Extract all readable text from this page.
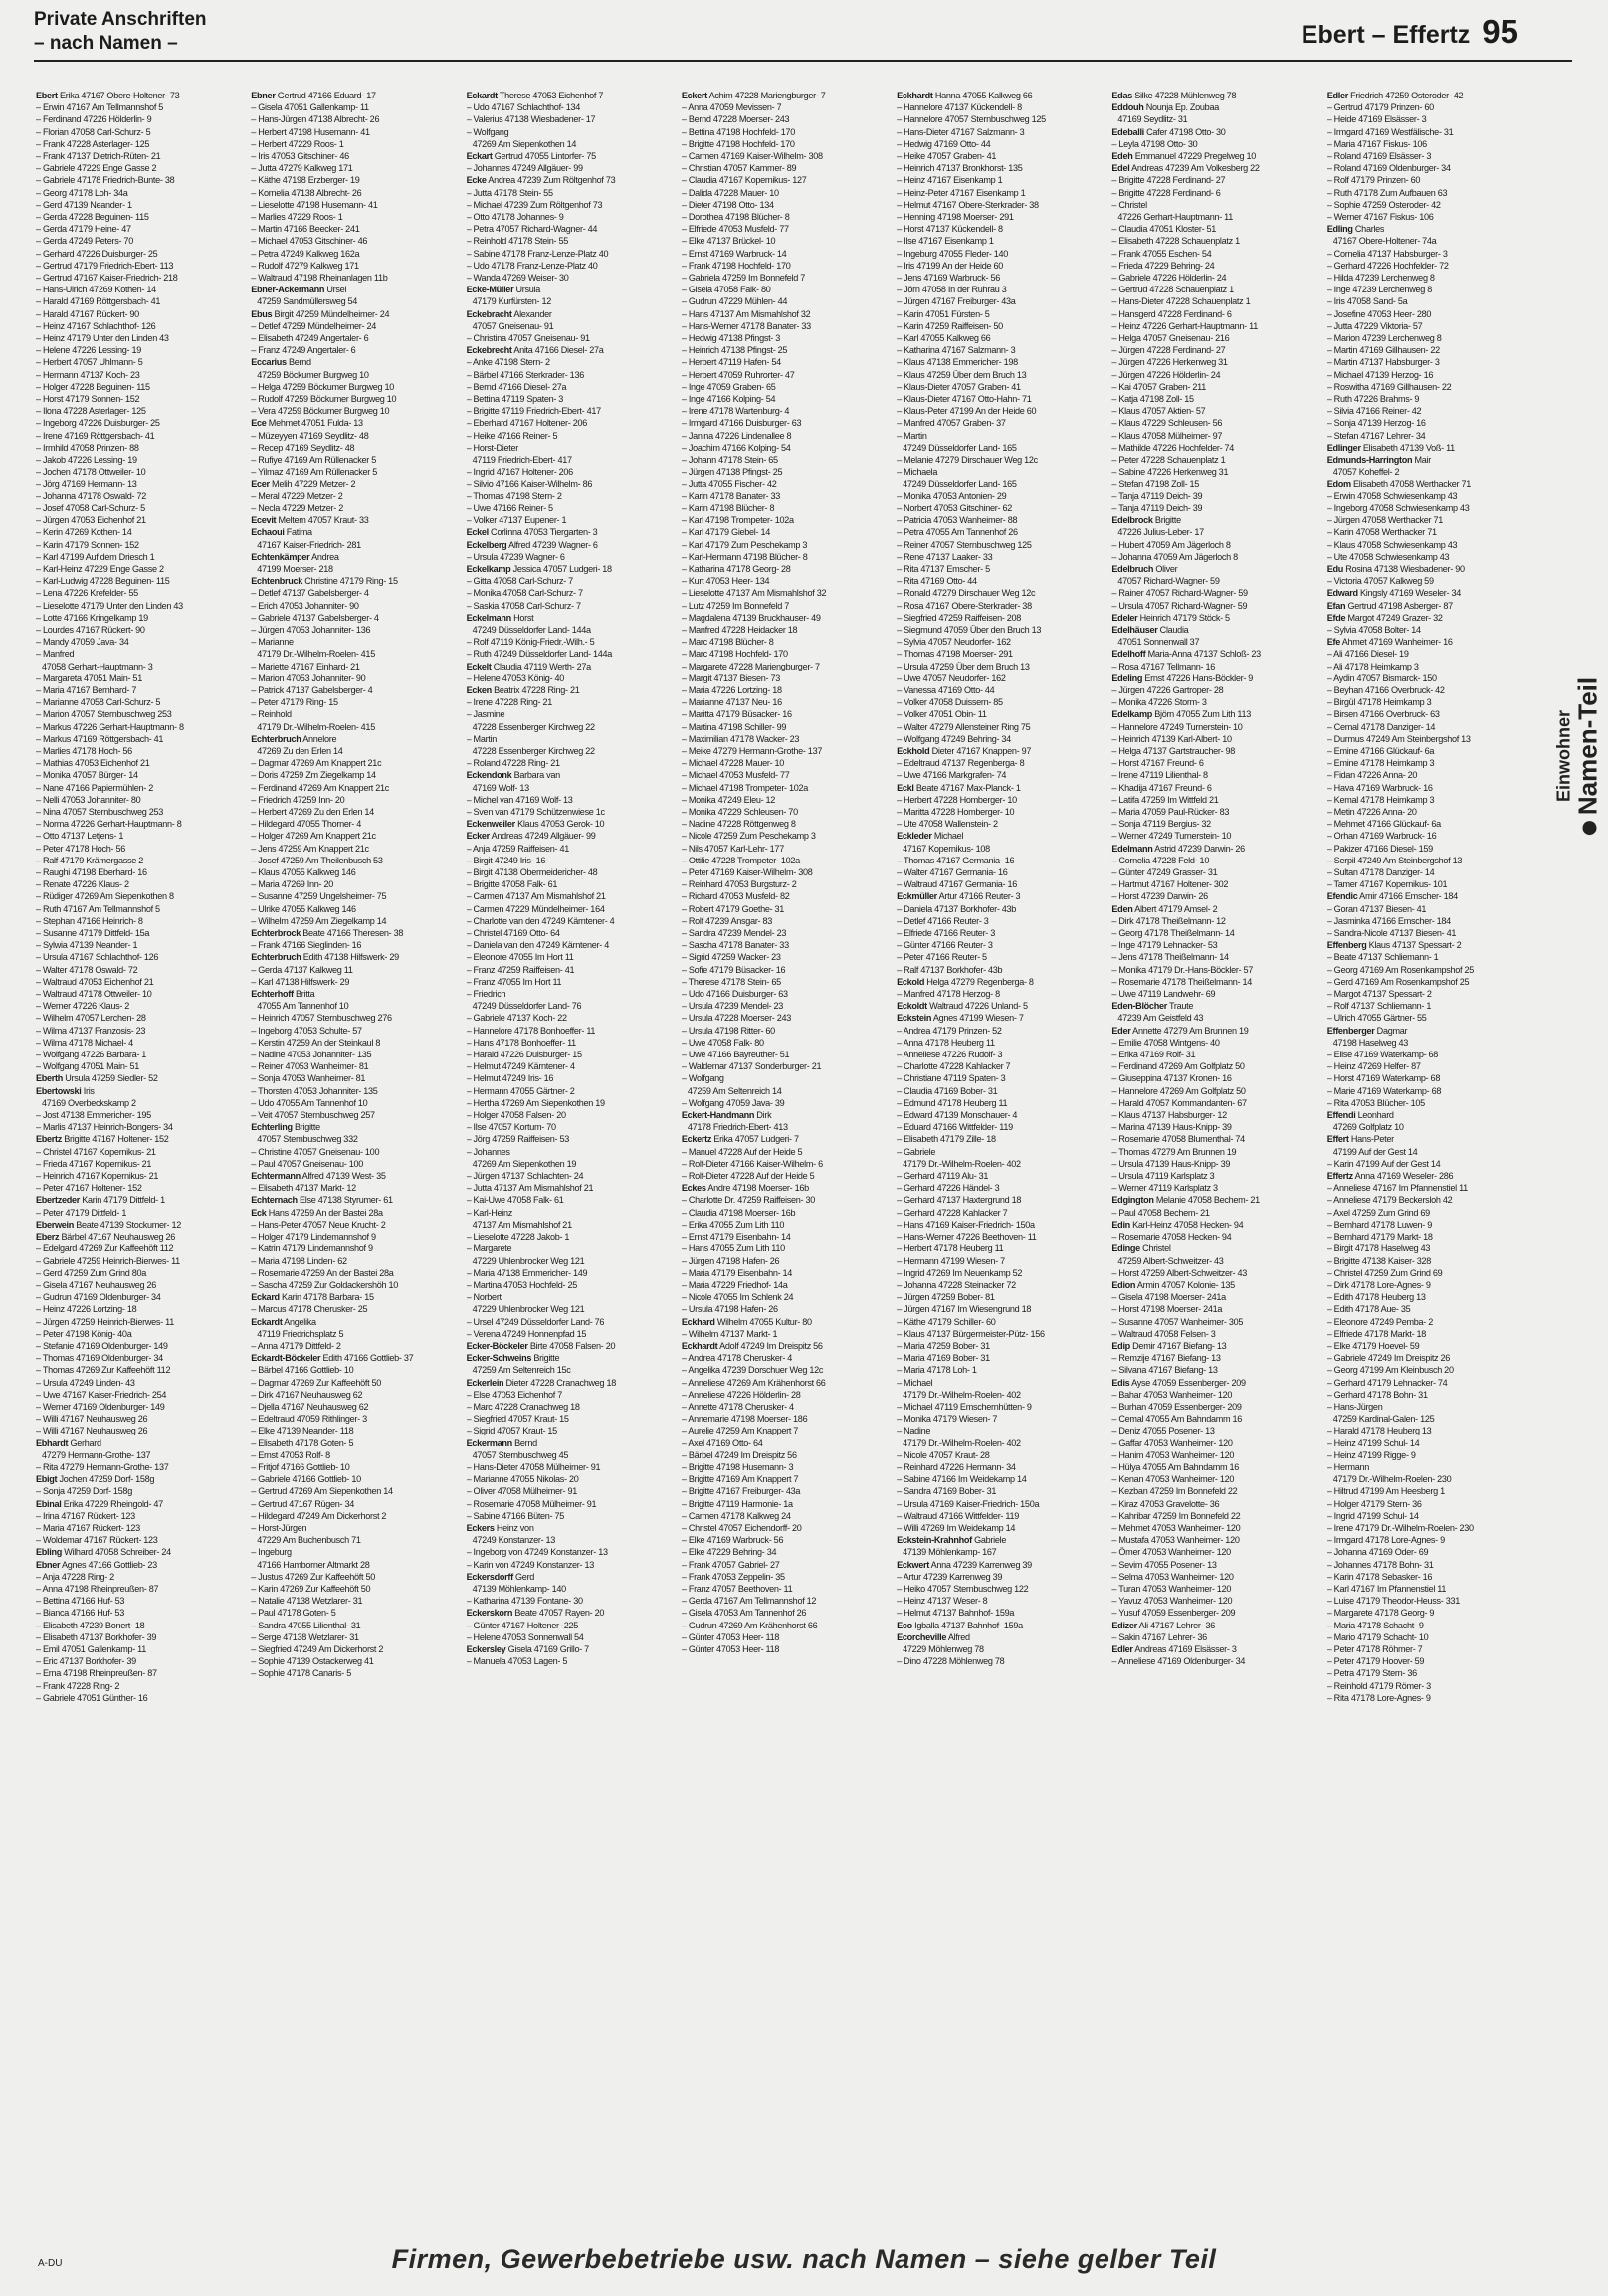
Private Anschriften
– nach Namen –	Ebert – Effertz 95
Ebert Erika 47167 Obere-Holtener- 73
– Erwin 47167 Am Tellmannshof 5
– Ferdinand 47226 Hölderlin- 9
– Florian 47058 Carl-Schurz- 5
– Frank 47228 Asterlager- 125
– Frank 47137 Dietrich-Rüten- 21
– Gabriele 47229 Enge Gasse 2
– Gabriele 47178 Friedrich-Bunte- 38
– Georg 47178 Loh- 34a
– Gerd 47139 Neander- 1
– Gerda 47228 Beguinen- 115
– Gerda 47179 Heine- 47
– Gerda 47249 Peters- 70
– Gerhard 47226 Duisburger- 25
– Gertrud 47179 Friedrich-Ebert- 113
– Gertrud 47167 Kaiser-Friedrich- 218
– Hans-Ulrich 47269 Kothen- 14
– Harald 47169 Röttgersbach- 41
– Harald 47167 Rückert- 90
– Heinz 47167 Schlachthof- 126
– Heinz 47179 Unter den Linden 43
– Helene 47226 Lessing- 19
– Herbert 47057 Uhlmann- 5
– Hermann 47137 Koch- 23
– Holger 47228 Beguinen- 115
– Horst 47179 Sonnen- 152
– Ilona 47228 Asterlager- 125
– Ingeborg 47226 Duisburger- 25
– Irene 47169 Röttgersbach- 41
– Irmhild 47058 Prinzen- 88
– Jakob 47226 Lessing- 19
– Jochen 47178 Ottweiler- 10
– Jörg 47169 Hermann- 13
– Johanna 47178 Oswald- 72
– Josef 47058 Carl-Schurz- 5
– Jürgen 47053 Eichenhof 21
– Kerin 47269 Kothen- 14
– Karin 47179 Sonnen- 152
– Karl 47199 Auf dem Driesch 1
– Karl-Heinz 47229 Enge Gasse 2
– Karl-Ludwig 47228 Beguinen- 115
– Lena 47226 Krefelder- 55
– Lieselotte 47179 Unter den Linden 43
– Lotte 47166 Kringelkamp 19
– Lourdes 47167 Rückert- 90
– Mandy 47059 Java- 34
– Manfred
47058 Gerhart-Hauptmann- 3
– Margareta 47051 Main- 51
– Maria 47167 Bernhard- 7
– Marianne 47058 Carl-Schurz- 5
– Marion 47057 Sternbuschweg 253
– Markus 47226 Gerhart-Hauptmann- 8
– Markus 47169 Röttgersbach- 41
– Marlies 47178 Hoch- 56
– Mathias 47053 Eichenhof 21
– Monika 47057 Bürger- 14
– Nane 47166 Papiermühlen- 2
– Nelli 47053 Johanniter- 80
– Nina 47057 Sternbuschweg 253
– Norma 47226 Gerhart-Hauptmann- 8
– Otto 47137 Letjens- 1
– Peter 47178 Hoch- 56
– Ralf 47179 Krämergasse 2
– Raughi 47198 Eberhard- 16
– Renate 47226 Klaus- 2
– Rüdiger 47269 Am Siepenkothen 8
– Ruth 47167 Am Tellmannshof 5
– Stephan 47166 Heinrich- 8
– Susanne 47179 Dittfeld- 15a
– Sylwia 47139 Neander- 1
– Ursula 47167 Schlachthof- 126
– Walter 47178 Oswald- 72
– Waltraud 47053 Eichenhof 21
– Waltraud 47178 Ottweiler- 10
– Werner 47226 Klaus- 2
– Wilhelm 47057 Lerchen- 28
– Wilma 47137 Franzosis- 23
– Wilma 47178 Michael- 4
– Wolfgang 47226 Barbara- 1
– Wolfgang 47051 Main- 51
Eberth Ursula 47259 Siedler- 52
Ebertowski Iris
47169 Overbeckskamp 2
– Jost 47138 Emmericher- 195
– Marlis 47137 Heinrich-Bongers- 34
Ebertz Brigitte 47167 Holtener- 152
– Christel 47167 Kopernikus- 21
– Frieda 47167 Kopernikus- 21
– Heinrich 47167 Kopernikus- 21
– Peter 47167 Holtener- 152
Ebertzeder Karin 47179 Dittfeld- 1
– Peter 47179 Dittfeld- 1
Eberwein Beate 47139 Stockumer- 12
Eberz Bärbel 47167 Neuhausweg 26
– Edelgard 47269 Zur Kaffeehöft 112
– Gabriele 47259 Heinrich-Bierwes- 11
– Gerd 47259 Zum Grind 80a
– Gisela 47167 Neuhausweg 26
– Gudrun 47169 Oldenburger- 34
– Heinz 47226 Lortzing- 18
– Jürgen 47259 Heinrich-Bierwes- 11
– Peter 47198 König- 40a
– Stefanie 47169 Oldenburger- 149
– Thomas 47169 Oldenburger- 34
– Thomas 47269 Zur Kaffeehöft 112
– Ursula 47249 Linden- 43
– Uwe 47167 Kaiser-Friedrich- 254
– Werner 47169 Oldenburger- 149
– Willi 47167 Neuhausweg 26
– Willi 47167 Neuhausweg 26
Ebhardt Gerhard
47279 Hermann-Grothe- 137
– Rita 47279 Hermann-Grothe- 137
Ebigt Jochen 47259 Dorf- 158g
– Sonja 47259 Dorf- 158g
Ebinal Erika 47229 Rheingold- 47
– Irina 47167 Rückert- 123
– Maria 47167 Rückert- 123
– Woldemar 47167 Rückert- 123
Ebling Wilhard 47058 Schreiber- 24
Ebner Agnes 47166 Gottlieb- 23
– Anja 47228 Ring- 2
– Anna 47198 Rheinpreußen- 87
– Bettina 47166 Huf- 53
– Bianca 47166 Huf- 53
– Elisabeth 47239 Bonert- 18
– Elisabeth 47137 Borkhofer- 39
– Emil 47051 Gallenkamp- 11
– Eric 47137 Borkhofer- 39
– Erna 47198 Rheinpreußen- 87
– Frank 47228 Ring- 2
– Gabriele 47051 Günther- 16
Ebner Gertrud 47166 Eduard- 17
– Gisela 47051 Gallenkamp- 11
– Hans-Jürgen 47138 Albrecht- 26
– Herbert 47198 Husemann- 41
– Herbert 47229 Roos- 1
– Iris 47053 Gitschiner- 46
– Jutta 47279 Kalkweg 171
– Käthe 47198 Erzberger- 19
– Kornelia 47138 Albrecht- 26
– Lieselotte 47198 Husemann- 41
– Marlies 47229 Roos- 1
– Martin 47166 Beecker- 241
– Michael 47053 Gitschiner- 46
– Petra 47249 Kalkweg 162a
– Rudolf 47279 Kalkweg 171
– Waltraud 47198 Rheinanlagen 11b
Ebner-Ackermann Ursel
47259 Sandmüllersweg 54
Ebus Birgit 47259 Mündelheimer- 24
– Detlef 47259 Mündelheimer- 24
– Elisabeth 47249 Angertaler- 6
– Franz 47249 Angertaler- 6
Eccarius Bernd
47259 Böckumer Burgweg 10
– Helga 47259 Böckumer Burgweg 10
– Rudolf 47259 Böckumer Burgweg 10
– Vera 47259 Böckumer Burgweg 10
Ece Mehmet 47051 Fulda- 13
– Müzeyyen 47169 Seydlitz- 48
– Recep 47169 Seydlitz- 48
– Rufiye 47169 Am Rüllenacker 5
– Yilmaz 47169 Am Rüllenacker 5
Ecer Melih 47229 Metzer- 2
– Meral 47229 Metzer- 2
– Necla 47229 Metzer- 2
Ecevit Meltem 47057 Kraut- 33
Echaoui Fatima
47167 Kaiser-Friedrich- 281
Echtenkämper Andrea
47199 Moerser- 218
Echtenbruck Christine 47179 Ring- 15
– Detlef 47137 Gabelsberger- 4
– Erich 47053 Johanniter- 90
– Gabriele 47137 Gabelsberger- 4
– Jürgen 47053 Johanniter- 136
– Marianne
47179 Dr.-Wilhelm-Roelen- 415
– Mariette 47167 Einhard- 21
– Marion 47053 Johanniter- 90
– Patrick 47137 Gabelsberger- 4
– Peter 47179 Ring- 15
– Reinhold
47179 Dr.-Wilhelm-Roelen- 415
Echterbruch Annelore
47269 Zu den Erlen 14
– Dagmar 47269 Am Knappert 21c
– Doris 47259 Zm Ziegelkamp 14
– Ferdinand 47269 Am Knappert 21c
– Friedrich 47259 Inn- 20
– Herbert 47269 Zu den Erlen 14
– Hildegard 47055 Thorner- 4
– Holger 47269 Am Knappert 21c
– Jens 47259 Am Knappert 21c
– Josef 47259 Am Theilenbusch 53
– Klaus 47055 Kalkweg 146
– Maria 47269 Inn- 20
– Susanne 47259 Ungelsheimer- 75
– Ulrike 47055 Kalkweg 146
– Wilhelm 47259 Am Ziegelkamp 14
Echterbrock Beate 47166 Theresen- 38
– Frank 47166 Sieglinden- 16
Echterbruch Edith 47138 Hilfswerk- 29
– Gerda 47137 Kalkweg 11
– Karl 47138 Hilfswerk- 29
Echterhoff Britta
47055 Am Tannenhof 10
– Heinrich 47057 Sternbuschweg 276
– Ingeborg 47053 Schulte- 57
– Kerstin 47259 An der Steinkaul 8
– Nadine 47053 Johanniter- 135
– Reiner 47053 Wanheimer- 81
– Sonja 47053 Wanheimer- 81
– Thorsten 47053 Johanniter- 135
– Udo 47055 Am Tannenhof 10
– Veit 47057 Sternbuschweg 257
Echterling Brigitte
47057 Sternbuschweg 332
– Christine 47057 Gneisenau- 100
– Paul 47057 Gneisenau- 100
Echtermann Alfred 47139 West- 35
– Elisabeth 47137 Markt- 12
Echternach Else 47138 Styrumer- 61
Eck Hans 47259 An der Bastei 28a
– Hans-Peter 47057 Neue Krucht- 2
– Holger 47179 Lindemannshof 9
– Katrin 47179 Lindemannshof 9
– Maria 47198 Linden- 62
– Rosemarie 47259 An der Bastei 28a
– Sascha 47259 Zur Goldackershöh 10
Eckard Karin 47178 Barbara- 15
– Marcus 47178 Cherusker- 25
Eckardt Angelika
47119 Friedrichsplatz 5
– Anna 47179 Dittfeld- 2
Eckardt-Böckeler Edith 47166 Gottlieb- 37
– Bärbel 47166 Gottlieb- 10
– Dagmar 47269 Zur Kaffeehöft 50
– Dirk 47167 Neuhausweg 62
– Djella 47167 Neuhausweg 62
– Edeltraud 47059 Rithlinger- 3
– Elke 47139 Neander- 118
– Elisabeth 47178 Goten- 5
– Ernst 47053 Rolf- 8
– Fritjof 47166 Gottlieb- 10
– Gabriele 47166 Gottlieb- 10
– Gertrud 47269 Am Siepenkothen 14
– Gertrud 47167 Rügen- 34
– Hildegard 47249 Am Dickerhorst 2
– Horst-Jürgen
47229 Am Buchenbusch 71
– Ingeburg
47166 Hamborner Altmarkt 28
– Justus 47269 Zur Kaffeehöft 50
– Karin 47269 Zur Kaffeehöft 50
– Natalie 47138 Wetzlarer- 31
– Paul 47178 Goten- 5
– Sandra 47055 Lilienthal- 31
– Serge 47138 Wetzlarer- 31
– Siegfried 47249 Am Dickerhorst 2
– Sophie 47139 Ostackerweg 41
– Sophie 47178 Canaris- 5
Eckardt Therese 47053 Eichenhof 7
– Udo 47167 Schlachthof- 134
– Valerius 47138 Wiesbadener- 17
– Wolfgang
47269 Am Siepenkothen 14
Eckart Gertrud 47055 Lintorfer- 75
– Johannes 47249 Allgäuer- 99
Ecke Andrea 47239 Zum Röltgenhof 73
– Jutta 47178 Stein- 55
– Michael 47239 Zum Röltgenhof 73
– Otto 47178 Johannes- 9
– Petra 47057 Richard-Wagner- 44
– Reinhold 47178 Stein- 55
– Sabine 47178 Franz-Lenze-Platz 40
– Udo 47178 Franz-Lenze-Platz 40
– Wanda 47269 Weiser- 30
Ecke-Müller Ursula
47179 Kurfürsten- 12
Eckebracht Alexander
47057 Gneisenau- 91
– Christina 47057 Gneisenau- 91
Eckebrecht Anita 47166 Diesel- 27a
– Anke 47198 Stern- 2
– Bärbel 47166 Sterkrader- 136
– Bernd 47166 Diesel- 27a
– Bettina 47119 Spaten- 3
– Brigitte 47119 Friedrich-Ebert- 417
– Eberhard 47167 Holtener- 206
– Heike 47166 Reiner- 5
– Horst-Dieter
47119 Friedrich-Ebert- 417
– Ingrid 47167 Holtener- 206
– Silvio 47166 Kaiser-Wilhelm- 86
– Thomas 47198 Stern- 2
– Uwe 47166 Reiner- 5
– Volker 47137 Eupener- 1
Eckel Corlinna 47053 Tiergarten- 3
Eckelberg Alfred 47239 Wagner- 6
– Ursula 47239 Wagner- 6
Eckelkamp Jessica 47057 Ludgeri- 18
– Gitta 47058 Carl-Schurz- 7
– Monika 47058 Carl-Schurz- 7
– Saskia 47058 Carl-Schurz- 7
Eckelmann Horst
47249 Düsseldorfer Land- 144a
– Rolf 47119 König-Friedr.-Wilh.- 5
– Ruth 47249 Düsseldorfer Land- 144a
Eckelt Claudia 47119 Werth- 27a
– Helene 47053 König- 40
Ecken Beatrix 47228 Ring- 21
– Irene 47228 Ring- 21
– Jasmine
47228 Essenberger Kirchweg 22
– Martin
47228 Essenberger Kirchweg 22
– Roland 47228 Ring- 21
Eckendonk Barbara van
47169 Wolf- 13
– Michel van 47169 Wolf- 13
– Sven van 47179 Schützenwiese 1c
Eckenweiler Klaus 47053 Gerok- 10
Ecker Andreas 47249 Allgäuer- 99
– Anja 47259 Raiffeisen- 41
– Birgit 47249 Iris- 16
– Birgit 47138 Obermeidericher- 48
– Brigitte 47058 Falk- 61
– Carmen 47137 Am Mismahlshof 21
– Carmen 47229 Mündelheimer- 164
– Charlotte van den 47249 Kärntener- 4
– Christel 47169 Otto- 64
– Daniela van den 47249 Kärntener- 4
– Eleonore 47055 Im Hort 11
– Franz 47259 Raiffeisen- 41
– Franz 47055 Im Hort 11
– Friedrich
47249 Düsseldorfer Land- 76
– Gabriele 47137 Koch- 22
– Hannelore 47178 Bonhoeffer- 11
– Hans 47178 Bonhoeffer- 11
– Harald 47226 Duisburger- 15
– Helmut 47249 Kärntener- 4
– Helmut 47249 Iris- 16
– Hermann 47055 Gärtner- 2
– Hertha 47269 Am Siepenkothen 19
– Holger 47058 Falsen- 20
– Ilse 47057 Kortum- 70
– Jörg 47259 Raiffeisen- 53
– Johannes
47269 Am Siepenkothen 19
– Jürgen 47137 Schlachten- 24
– Jutta 47137 Am Mismahlshof 21
– Kai-Uwe 47058 Falk- 61
– Karl-Heinz
47137 Am Mismahlshof 21
– Lieselotte 47228 Jakob- 1
– Margarete
47229 Uhlenbrocker Weg 121
– Maria 47138 Emmericher- 149
– Martina 47053 Hochfeld- 25
– Norbert
47229 Uhlenbrocker Weg 121
– Ursel 47249 Düsseldorfer Land- 76
– Verena 47249 Honnenpfad 15
Ecker-Böckeler Birte 47058 Falsen- 20
Ecker-Schweins Brigitte
47259 Am Seltenreich 15c
Eckerlein Dieter 47228 Cranachweg 18
– Else 47053 Eichenhof 7
– Marc 47228 Cranachweg 18
– Siegfried 47057 Kraut- 15
– Sigrid 47057 Kraut- 15
Eckermann Bernd
47057 Sternbuschweg 45
– Hans-Dieter 47058 Mülheimer- 91
– Marianne 47055 Nikolas- 20
– Oliver 47058 Mülheimer- 91
– Rosemarie 47058 Mülheimer- 91
– Sabine 47166 Büten- 75
Eckers Heinz von
47249 Konstanzer- 13
– Ingeborg von 47249 Konstanzer- 13
– Karin von 47249 Konstanzer- 13
Eckersdorff Gerd
47139 Möhlenkamp- 140
– Katharina 47139 Fontane- 30
Eckerskorn Beate 47057 Rayen- 20
– Günter 47167 Holtener- 225
– Helene 47053 Sonnenwall 54
Eckersley Gisela 47169 Grillo- 7
– Manuela 47053 Lagen- 5
Eckert Achim 47228 Mariengburger- 7
– Anna 47059 Mevissen- 7
– Bernd 47228 Moerser- 243
– Bettina 47198 Hochfeld- 170
– Brigitte 47198 Hochfeld- 170
– Carmen 47169 Kaiser-Wilhelm- 308
– Christian 47057 Kammer- 89
– Claudia 47167 Kopernikus- 127
– Dalida 47228 Mauer- 10
– Dieter 47198 Otto- 134
– Dorothea 47198 Blücher- 8
– Elfriede 47053 Musfeld- 77
– Elke 47137 Brückel- 10
– Ernst 47169 Warbruck- 14
– Frank 47198 Hochfeld- 170
– Gabriela 47259 Im Bonnefeld 7
– Gisela 47058 Falk- 80
– Gudrun 47229 Mühlen- 44
– Hans 47137 Am Mismahlshof 32
– Hans-Werner 47178 Banater- 33
– Hedwig 47138 Pfingst- 3
– Heinrich 47138 Pfingst- 25
– Herbert 47119 Hafen- 54
– Herbert 47059 Ruhrorter- 47
– Inge 47059 Graben- 65
– Inge 47166 Kolping- 54
– Irene 47178 Wartenburg- 4
– Irmgard 47166 Duisburger- 63
– Janina 47226 Lindenallee 8
– Joachim 47166 Kolping- 54
– Johann 47178 Stein- 65
– Jürgen 47138 Pfingst- 25
– Jutta 47055 Fischer- 42
– Karin 47178 Banater- 33
– Karin 47198 Blücher- 8
– Karl 47198 Trompeter- 102a
– Karl 47179 Giebel- 14
– Karl 47179 Zum Peschekamp 3
– Karl-Hermann 47198 Blücher- 8
– Katharina 47178 Georg- 28
– Kurt 47053 Heer- 134
– Lieselotte 47137 Am Mismahlshof 32
– Lutz 47259 Im Bonnefeld 7
– Magdalena 47139 Bruckhauser- 49
– Manfred 47228 Heidacker 18
– Marc 47198 Blücher- 8
– Marc 47198 Hochfeld- 170
– Margarete 47228 Mariengburger- 7
– Margit 47137 Biesen- 73
– Maria 47226 Lortzing- 18
– Marianne 47137 Neu- 16
– Maritta 47179 Büsacker- 16
– Martina 47198 Schiller- 99
– Maximilian 47178 Wacker- 23
– Meike 47279 Hermann-Grothe- 137
– Michael 47228 Mauer- 10
– Michael 47053 Musfeld- 77
– Michael 47198 Trompeter- 102a
– Monika 47249 Eleu- 12
– Monika 47229 Schleusen- 70
– Nadine 47228 Röttgenweg 8
– Nicole 47259 Zum Peschekamp 3
– Nils 47057 Karl-Lehr- 177
– Ottilie 47228 Trompeter- 102a
– Peter 47169 Kaiser-Wilhelm- 308
– Reinhard 47053 Burgsturz- 2
– Richard 47053 Musfeld- 82
– Robert 47179 Goethe- 31
– Rolf 47239 Ansgar- 83
– Sandra 47239 Mendel- 23
– Sascha 47178 Banater- 33
– Sigrid 47259 Wacker- 23
– Sofie 47179 Büsacker- 16
– Therese 47178 Stein- 65
– Udo 47166 Duisburger- 63
– Ursula 47239 Mendel- 23
– Ursula 47228 Moerser- 243
– Ursula 47198 Ritter- 60
– Uwe 47058 Falk- 80
– Uwe 47166 Bayreuther- 51
– Waldemar 47137 Sonderburger- 21
– Wolfgang
47259 Am Seltenreich 14
– Wolfgang 47059 Java- 39
Eckert-Handmann Dirk
47178 Friedrich-Ebert- 413
Eckertz Erika 47057 Ludgeri- 7
– Manuel 47228 Auf der Heide 5
– Rolf-Dieter 47166 Kaiser-Wilhelm- 6
– Rolf-Dieter 47228 Auf der Heide 5
Eckes Andre 47198 Moerser- 16b
– Charlotte Dr. 47259 Raiffeisen- 30
– Claudia 47198 Moerser- 16b
– Erika 47055 Zum Lith 110
– Ernst 47179 Eisenbahn- 14
– Hans 47055 Zum Lith 110
– Jürgen 47198 Hafen- 26
– Maria 47179 Eisenbahn- 14
– Maria 47229 Friedhof- 14a
– Nicole 47055 Im Schlenk 24
– Ursula 47198 Hafen- 26
Eckhard Wilhelm 47055 Kultur- 80
– Wilhelm 47137 Markt- 1
Eckhardt Adolf 47249 Im Dreispitz 56
– Andrea 47178 Cherusker- 4
– Angelika 47239 Dorschuer Weg 12c
– Anneliese 47269 Am Krähenhorst 66
– Anneliese 47226 Hölderlin- 28
– Annette 47178 Cherusker- 4
– Annemarie 47198 Moerser- 186
– Aurelie 47259 Am Knappert 7
– Axel 47169 Otto- 64
– Bärbel 47249 Im Dreispitz 56
– Brigitte 47198 Husemann- 3
– Brigitte 47169 Am Knappert 7
– Brigitte 47167 Freiburger- 43a
– Brigitte 47119 Harmonie- 1a
– Carmen 47178 Kalkweg 24
– Christel 47057 Eichendorff- 20
– Elke 47169 Warbruck- 56
– Elke 47229 Behring- 34
– Frank 47057 Gabriel- 27
– Frank 47053 Zeppelin- 35
– Franz 47057 Beethoven- 11
– Gerda 47167 Am Tellmannshof 12
– Gisela 47053 Am Tannenhof 26
– Gudrun 47269 Am Krähenhorst 66
– Günter 47053 Heer- 118
– Günter 47053 Heer- 118
Eckhardt Hanna 47055 Kalkweg 66
– Hannelore 47137 Kückendell- 8
– Hannelore 47057 Sternbuschweg 125
– Hans-Dieter 47167 Salzmann- 3
– Hedwig 47169 Otto- 44
– Heike 47057 Graben- 41
– Heinrich 47137 Bronkhorst- 135
– Heinz 47167 Eisenkamp 1
– Heinz-Peter 47167 Eisenkamp 1
– Helmut 47167 Obere-Sterkrader- 38
– Henning 47198 Moerser- 291
– Horst 47137 Kückendell- 8
– Ilse 47167 Eisenkamp 1
– Ingeburg 47055 Fleder- 140
– Iris 47199 An der Heide 60
– Jens 47169 Warbruck- 56
– Jörn 47058 In der Ruhrau 3
– Jürgen 47167 Freiburger- 43a
– Karin 47051 Fürsten- 5
– Karin 47259 Raiffeisen- 50
– Karl 47055 Kalkweg 66
– Katharina 47167 Salzmann- 3
– Klaus 47138 Emmericher- 198
– Klaus 47259 Über dem Bruch 13
– Klaus-Dieter 47057 Graben- 41
– Klaus-Dieter 47167 Otto-Hahn- 71
– Klaus-Peter 47199 An der Heide 60
– Manfred 47057 Graben- 37
– Martin
47249 Düsseldorfer Land- 165
– Melanie 47279 Dirschauer Weg 12c
– Michaela
47249 Düsseldorfer Land- 165
– Monika 47053 Antonien- 29
– Norbert 47053 Gitschiner- 62
– Patricia 47053 Wanheimer- 88
– Petra 47055 Am Tannenhof 26
– Reiner 47057 Sternbuschweg 125
– Rene 47137 Laaker- 33
– Rita 47137 Emscher- 5
– Rita 47169 Otto- 44
– Ronald 47279 Dirschauer Weg 12c
– Rosa 47167 Obere-Sterkrader- 38
– Siegfried 47259 Raiffeisen- 208
– Siegmund 47059 Über den Bruch 13
– Sylvia 47057 Neudorfer- 162
– Thomas 47198 Moerser- 291
– Ursula 47259 Über dem Bruch 13
– Uwe 47057 Neudorfer- 162
– Vanessa 47169 Otto- 44
– Volker 47058 Duissern- 85
– Volker 47051 Obin- 11
– Walter 47279 Allensteiner Ring 75
– Wolfgang 47249 Behring- 34
Eckhold Dieter 47167 Knappen- 97
– Edeltraud 47137 Regenberga- 8
– Uwe 47166 Markgrafen- 74
Eckl Beate 47167 Max-Planck- 1
– Herbert 47228 Homberger- 10
– Maritta 47228 Homberger- 10
– Ute 47058 Wallenstein- 2
Eckleder Michael
47167 Kopernikus- 108
– Thomas 47167 Germania- 16
– Walter 47167 Germania- 16
– Waltraud 47167 Germania- 16
Eckmüller Artur 47166 Reuter- 3
– Daniela 47137 Borkhofer- 43b
– Detlef 47166 Reuter- 3
– Elfriede 47166 Reuter- 3
– Günter 47166 Reuter- 3
– Peter 47166 Reuter- 5
– Ralf 47137 Borkhofer- 43b
Eckold Helga 47279 Regenberga- 8
– Manfred 47178 Herzog- 8
Eckoldt Waltraud 47226 Unland- 5
Eckstein Agnes 47199 Wiesen- 7
– Andrea 47179 Prinzen- 52
– Anna 47178 Heuberg 11
– Anneliese 47226 Rudolf- 3
– Charlotte 47228 Kahlacker 7
– Christiane 47119 Spaten- 3
– Claudia 47169 Bober- 31
– Edmund 47178 Heuberg 11
– Edward 47139 Monschauer- 4
– Eduard 47166 Wittfelder- 119
– Elisabeth 47179 Zille- 18
– Gabriele
47179 Dr.-Wilhelm-Roelen- 402
– Gerhard 47119 Alu- 31
– Gerhard 47226 Händel- 3
– Gerhard 47137 Haxtergrund 18
– Gerhard 47228 Kahlacker 7
– Hans 47169 Kaiser-Friedrich- 150a
– Hans-Werner 47226 Beethoven- 11
– Herbert 47178 Heuberg 11
– Hermann 47199 Wiesen- 7
– Ingrid 47269 Im Neuenkamp 52
– Johanna 47228 Steinacker 72
– Jürgen 47259 Bober- 81
– Jürgen 47167 Im Wiesengrund 18
– Käthe 47179 Schiller- 60
– Klaus 47137 Bürgermeister-Pütz- 156
– Maria 47259 Bober- 31
– Maria 47169 Bober- 31
– Maria 47178 Loh- 1
– Michael
47179 Dr.-Wilhelm-Roelen- 402
– Michael 47119 Emschernhütten- 9
– Monika 47179 Wiesen- 7
– Nadine
47179 Dr.-Wilhelm-Roelen- 402
– Nicole 47057 Kraut- 28
– Reinhard 47226 Hermann- 34
– Sabine 47166 Im Weidekamp 14
– Sandra 47169 Bober- 31
– Ursula 47169 Kaiser-Friedrich- 150a
– Waltraud 47166 Wittfelder- 119
– Willi 47269 Im Weidekamp 14
Eckstein-Krahnhof Gabriele
47139 Möhlenkamp- 167
Eckwert Anna 47239 Karrenweg 39
– Artur 47239 Karrenweg 39
– Heiko 47057 Sternbuschweg 122
– Heinz 47137 Weser- 8
– Helmut 47137 Bahnhof- 159a
Eco Igballa 47137 Bahnhof- 159a
Ecorcheville Alfred
47229 Möhlenweg 78
– Dino 47228 Möhlenweg 78
Edas Silke 47228 Mühlenweg 78
Eddouh Nounja Ep. Zoubaa
47169 Seydlitz- 31
Edeballi Cafer 47198 Otto- 30
– Leyla 47198 Otto- 30
Edeh Emmanuel 47229 Pregelweg 10
Edel Andreas 47239 Am Volkesberg 22
– Brigitte 47228 Ferdinand- 27
– Brigitte 47228 Ferdinand- 6
– Christel
47226 Gerhart-Hauptmann- 11
– Claudia 47051 Kloster- 51
– Elisabeth 47228 Schauenplatz 1
– Frank 47055 Eschen- 54
– Frieda 47229 Behring- 24
– Gabriele 47226 Hölderlin- 24
– Gertrud 47228 Schauenplatz 1
– Hans-Dieter 47228 Schauenplatz 1
– Hansgerd 47228 Ferdinand- 6
– Heinz 47226 Gerhart-Hauptmann- 11
– Helga 47057 Gneisenau- 216
– Jürgen 47228 Ferdinand- 27
– Jürgen 47226 Herkenweg 31
– Jürgen 47226 Hölderlin- 24
– Kai 47057 Graben- 211
– Katja 47198 Zoll- 15
– Klaus 47057 Aktien- 57
– Klaus 47229 Schleusen- 56
– Klaus 47058 Mülheimer- 97
– Mathilde 47226 Hochfelder- 74
– Peter 47228 Schauenplatz 1
– Sabine 47226 Herkenweg 31
– Stefan 47198 Zoll- 15
– Tanja 47119 Deich- 39
– Tanja 47119 Deich- 39
Edelbrock Brigitte
47226 Julius-Leber- 17
– Hubert 47059 Am Jägerloch 8
– Johanna 47059 Am Jägerloch 8
Edelbruch Oliver
47057 Richard-Wagner- 59
– Rainer 47057 Richard-Wagner- 59
– Ursula 47057 Richard-Wagner- 59
Edeler Heinrich 47179 Stöck- 5
Edelhäuser Claudia
47051 Sonnenwall 37
Edelhoff Maria-Anna 47137 Schloß- 23
– Rosa 47167 Tellmann- 16
Edeling Ernst 47226 Hans-Böckler- 9
– Jürgen 47226 Gartroper- 28
– Monika 47226 Storm- 3
Edelkamp Björn 47055 Zum Lith 113
– Hannelore 47249 Turnerstein- 10
– Heinrich 47139 Karl-Albert- 10
– Helga 47137 Gartstraucher- 98
– Horst 47167 Freund- 6
– Irene 47119 Lilienthal- 8
– Khadija 47167 Freund- 6
– Latifa 47259 Im Wittfeld 21
– Maria 47059 Paul-Rücker- 83
– Sonja 47119 Bergius- 32
– Werner 47249 Turnerstein- 10
Edelmann Astrid 47239 Darwin- 26
– Cornelia 47228 Feld- 10
– Günter 47249 Grasser- 31
– Hartmut 47167 Holtener- 302
– Horst 47239 Darwin- 26
Eden Albert 47179 Amsel- 2
– Dirk 47178 Theißelmann- 12
– Georg 47178 Theißelmann- 14
– Inge 47179 Lehnacker- 53
– Jens 47178 Theißelmann- 14
– Monika 47179 Dr.-Hans-Böckler- 57
– Rosemarie 47178 Theißelmann- 14
– Uwe 47119 Landwehr- 69
Eden-Blöcher Traute
47239 Am Geistfeld 43
Eder Annette 47279 Am Brunnen 19
– Emilie 47058 Wintgens- 40
– Erika 47169 Rolf- 31
– Ferdinand 47269 Am Golfplatz 50
– Giuseppina 47137 Kronen- 16
– Hannelore 47269 Am Golfplatz 50
– Harald 47057 Kommandanten- 67
– Klaus 47137 Habsburger- 12
– Marina 47139 Haus-Knipp- 39
– Rosemarie 47058 Blumenthal- 74
– Thomas 47279 Am Brunnen 19
– Ursula 47139 Haus-Knipp- 39
– Ursula 47119 Karlsplatz 3
– Werner 47119 Karlsplatz 3
Edgington Melanie 47058 Bechem- 21
– Paul 47058 Bechem- 21
Edin Karl-Heinz 47058 Hecken- 94
– Rosemarie 47058 Hecken- 94
Edinge Christel
47259 Albert-Schweitzer- 43
– Horst 47259 Albert-Schweitzer- 43
Edion Armin 47057 Kolonie- 135
– Gisela 47198 Moerser- 241a
– Horst 47198 Moerser- 241a
– Susanne 47057 Wanheimer- 305
– Waltraud 47058 Felsen- 3
Edip Demir 47167 Biefang- 13
– Remzije 47167 Biefang- 13
– Silvana 47167 Biefang- 13
Edis Ayse 47059 Essenberger- 209
– Bahar 47053 Wanheimer- 120
– Burhan 47059 Essenberger- 209
– Cemal 47055 Am Bahndamm 16
– Deniz 47055 Posener- 13
– Gaffar 47053 Wanheimer- 120
– Hanim 47053 Wanheimer- 120
– Hülya 47055 Am Bahndamm 16
– Kenan 47053 Wanheimer- 120
– Kezban 47259 Im Bonnefeld 22
– Kiraz 47053 Gravelotte- 36
– Kahribar 47259 Im Bonnefeld 22
– Mehmet 47053 Wanheimer- 120
– Mustafa 47053 Wanheimer- 120
– Ömer 47053 Wanheimer- 120
– Sevim 47055 Posener- 13
– Selma 47053 Wanheimer- 120
– Turan 47053 Wanheimer- 120
– Yavuz 47053 Wanheimer- 120
– Yusuf 47059 Essenberger- 209
Edizer Ali 47167 Lehrer- 36
– Sakin 47167 Lehrer- 36
Edler Andreas 47169 Elsässer- 3
– Anneliese 47169 Oldenburger- 34
Edler Friedrich 47259 Osteroder- 42
– Gertrud 47179 Prinzen- 60
– Heide 47169 Elsässer- 3
– Irmgard 47169 Westfälische- 31
– Maria 47167 Fiskus- 106
– Roland 47169 Elsässer- 3
– Roland 47169 Oldenburger- 34
– Rolf 47179 Prinzen- 60
– Ruth 47178 Zum Aufbauen 63
– Sophie 47259 Osteroder- 42
– Werner 47167 Fiskus- 106
Edling Charles
47167 Obere-Holtener- 74a
– Cornelia 47137 Habsburger- 3
– Gerhard 47226 Hochfelder- 72
– Hilda 47239 Lerchenweg 8
– Inge 47239 Lerchenweg 8
– Iris 47058 Sand- 5a
– Josefine 47053 Heer- 280
– Jutta 47229 Viktoria- 57
– Marion 47239 Lerchenweg 8
– Martin 47169 Gillhausen- 22
– Martin 47137 Habsburger- 3
– Michael 47139 Herzog- 16
– Roswitha 47169 Gillhausen- 22
– Ruth 47226 Brahms- 9
– Silvia 47166 Reiner- 42
– Sonja 47139 Herzog- 16
– Stefan 47167 Lehrer- 34
Edlinger Elisabeth 47139 Voß- 11
Edmunds-Harrington Mair
47057 Koheffel- 2
Edom Elisabeth 47058 Werthacker 71
– Erwin 47058 Schwiesenkamp 43
– Ingeborg 47058 Schwiesenkamp 43
– Jürgen 47058 Werthacker 71
– Karin 47058 Werthacker 71
– Klaus 47058 Schwiesenkamp 43
– Ute 47058 Schwiesenkamp 43
Edu Rosina 47138 Wiesbadener- 90
– Victoria 47057 Kalkweg 59
Edward Kingsly 47169 Weseler- 34
Efan Gertrud 47198 Asberger- 87
Efde Margot 47249 Grazer- 32
– Sylvia 47058 Bolter- 14
Efe Ahmet 47169 Wanheimer- 16
– Ali 47166 Diesel- 19
– Ali 47178 Heimkamp 3
– Aydin 47057 Bismarck- 150
– Beyhan 47166 Overbruck- 42
– Birgül 47178 Heimkamp 3
– Birsen 47166 Overbruck- 63
– Cemal 47178 Danziger- 14
– Durmus 47249 Am Steinbergshof 13
– Emine 47166 Glückauf- 6a
– Emine 47178 Heimkamp 3
– Fidan 47226 Anna- 20
– Hava 47169 Warbruck- 16
– Kemal 47178 Heimkamp 3
– Metin 47226 Anna- 20
– Mehmet 47166 Glückauf- 6a
– Orhan 47169 Warbruck- 16
– Pakizer 47166 Diesel- 159
– Serpil 47249 Am Steinbergshof 13
– Sultan 47178 Danziger- 14
– Tamer 47167 Kopernikus- 101
Efendic Amir 47166 Emscher- 184
– Goran 47137 Biesen- 41
– Jasminka 47166 Emscher- 184
– Sandra-Nicole 47137 Biesen- 41
Effenberg Klaus 47137 Spessart- 2
– Beate 47137 Schliemann- 1
– Georg 47169 Am Rosenkampshof 25
– Gerd 47169 Am Rosenkampshof 25
– Margot 47137 Spessart- 2
– Rolf 47137 Schliemann- 1
– Ulrich 47055 Gärtner- 55
Effenberger Dagmar
47198 Haselweg 43
– Elise 47169 Waterkamp- 68
– Heinz 47269 Helfer- 87
– Horst 47169 Waterkamp- 68
– Marie 47169 Waterkamp- 68
– Rita 47053 Blücher- 105
Effendi Leonhard
47269 Golfplatz 10
Effert Hans-Peter
47199 Auf der Gest 14
– Karin 47199 Auf der Gest 14
Effertz Anna 47169 Weseler- 286
– Anneliese 47167 Im Pfannenstiel 11
– Anneliese 47179 Beckersloh 42
– Axel 47259 Zum Grind 69
– Bernhard 47178 Luwen- 9
– Bernhard 47179 Markt- 18
– Birgit 47178 Haselweg 43
– Brigitte 47138 Kaiser- 328
– Christel 47259 Zum Grind 69
– Dirk 47178 Lore-Agnes- 9
– Edith 47178 Heuberg 13
– Edith 47178 Aue- 35
– Eleonore 47249 Pemba- 2
– Elfriede 47178 Markt- 18
– Elke 47179 Hoevel- 59
– Gabriele 47249 Im Dreispitz 26
– Georg 47199 Am Kleinbusch 20
– Gerhard 47179 Lehnacker- 74
– Gerhard 47178 Bohn- 31
– Hans-Jürgen
47259 Kardinal-Galen- 125
– Harald 47178 Heuberg 13
– Heinz 47199 Schul- 14
– Heinz 47199 Rigge- 9
– Hermann
47179 Dr.-Wilhelm-Roelen- 230
– Hiltrud 47199 Am Heesberg 1
– Holger 47179 Stern- 36
– Ingrid 47199 Schul- 14
– Irene 47179 Dr.-Wilhelm-Roelen- 230
– Irmgard 47178 Lore-Agnes- 9
– Johanna 47169 Oder- 69
– Johannes 47178 Bohn- 31
– Karin 47178 Sebasker- 16
– Karl 47167 Im Pfannenstiel 11
– Luise 47179 Theodor-Heuss- 331
– Margarete 47178 Georg- 9
– Maria 47178 Schacht- 9
– Mario 47179 Schacht- 10
– Peter 47178 Röhmer- 7
– Peter 47179 Hoover- 59
– Petra 47179 Stern- 36
– Reinhold 47179 Römer- 3
– Rita 47178 Lore-Agnes- 9
Einwohner Namen-Teil
A-DU	Firmen, Gewerbebetriebe usw. nach Namen – siehe gelber Teil
